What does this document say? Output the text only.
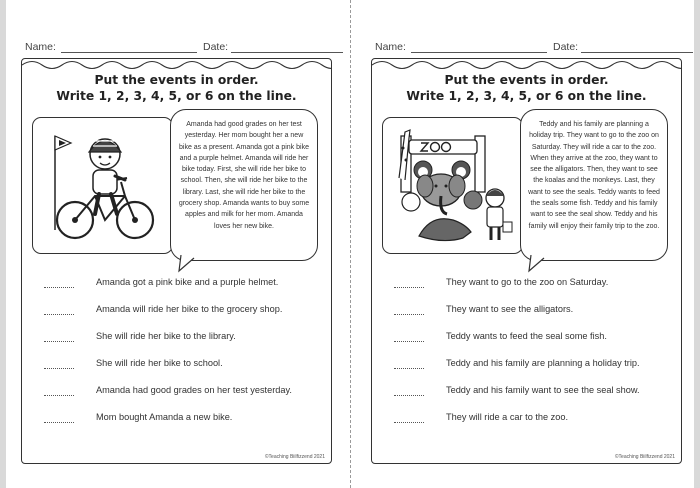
Name:	Date:
Put the events in order.
Write 1, 2, 3, 4, 5, or 6 on the line.
Amanda had good grades on her test yesterday. Her mom bought her a new bike as a present. Amanda got a pink bike and a purple helmet. Amanda will ride her bike today. First, she will ride her bike to school. Then, she will ride her bike to the library. Last, she will ride her bike to the grocery shop. Amanda wants to buy some apples and milk for her mom. Amanda loves her new bike.
Amanda got a pink bike and a purple helmet.
Amanda will ride her bike to the grocery shop.
She will ride her bike to the library.
She will ride her bike to school.
Amanda had good grades on her test yesterday.
Mom bought Amanda a new bike.
©Teaching Biilfizzend 2021
Name:	Date:
Put the events in order.
Write 1, 2, 3, 4, 5, or 6 on the line.
Teddy and his family are planning a holiday trip. They want to go to the zoo on Saturday. They will ride a car to the zoo. When they arrive at the zoo, they want to see the alligators. Then, they want to see the koalas and the monkeys. Last, they want to see the seals. Teddy wants to feed the seals some fish. Teddy and his family want to see the seal show. Teddy and his family will enjoy their family trip to the zoo.
They want to go to the zoo on Saturday.
They want to see the alligators.
Teddy wants to feed the seal some fish.
Teddy and his family are planning a holiday trip.
Teddy and his family want to see the seal show.
They will ride a car to the zoo.
©Teaching Biilfizzend 2021
